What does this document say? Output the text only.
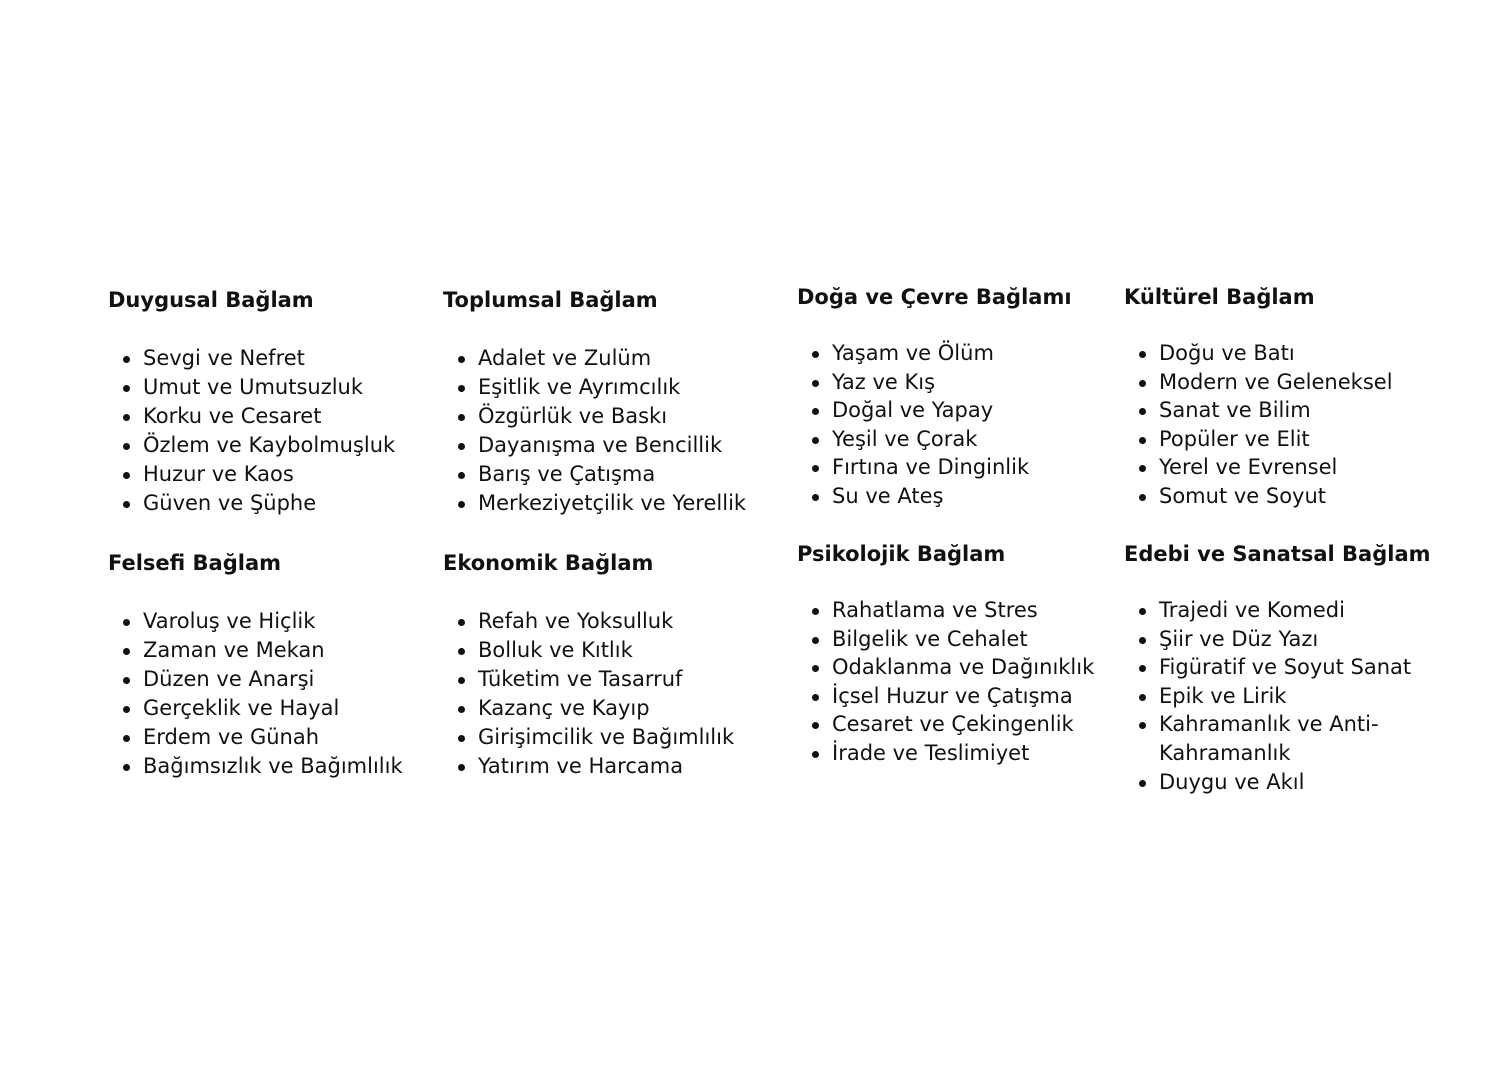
Duygusal Bağlam
Sevgi ve Nefret
Umut ve Umutsuzluk
Korku ve Cesaret
Özlem ve Kaybolmuşluk
Huzur ve Kaos
Güven ve Şüphe
Toplumsal Bağlam
Adalet ve Zulüm
Eşitlik ve Ayrımcılık
Özgürlük ve Baskı
Dayanışma ve Bencillik
Barış ve Çatışma
Merkeziyetçilik ve Yerellik
Doğa ve Çevre Bağlamı
Yaşam ve Ölüm
Yaz ve Kış
Doğal ve Yapay
Yeşil ve Çorak
Fırtına ve Dinginlik
Su ve Ateş
Kültürel Bağlam
Doğu ve Batı
Modern ve Geleneksel
Sanat ve Bilim
Popüler ve Elit
Yerel ve Evrensel
Somut ve Soyut
Felsefi Bağlam
Varoluş ve Hiçlik
Zaman ve Mekan
Düzen ve Anarşi
Gerçeklik ve Hayal
Erdem ve Günah
Bağımsızlık ve Bağımlılık
Ekonomik Bağlam
Refah ve Yoksulluk
Bolluk ve Kıtlık
Tüketim ve Tasarruf
Kazanç ve Kayıp
Girişimcilik ve Bağımlılık
Yatırım ve Harcama
Psikolojik Bağlam
Rahatlama ve Stres
Bilgelik ve Cehalet
Odaklanma ve Dağınıklık
İçsel Huzur ve Çatışma
Cesaret ve Çekingenlik
İrade ve Teslimiyet
Edebi ve Sanatsal Bağlam
Trajedi ve Komedi
Şiir ve Düz Yazı
Figüratif ve Soyut Sanat
Epik ve Lirik
Kahramanlık ve Anti-Kahramanlık
Duygu ve Akıl
